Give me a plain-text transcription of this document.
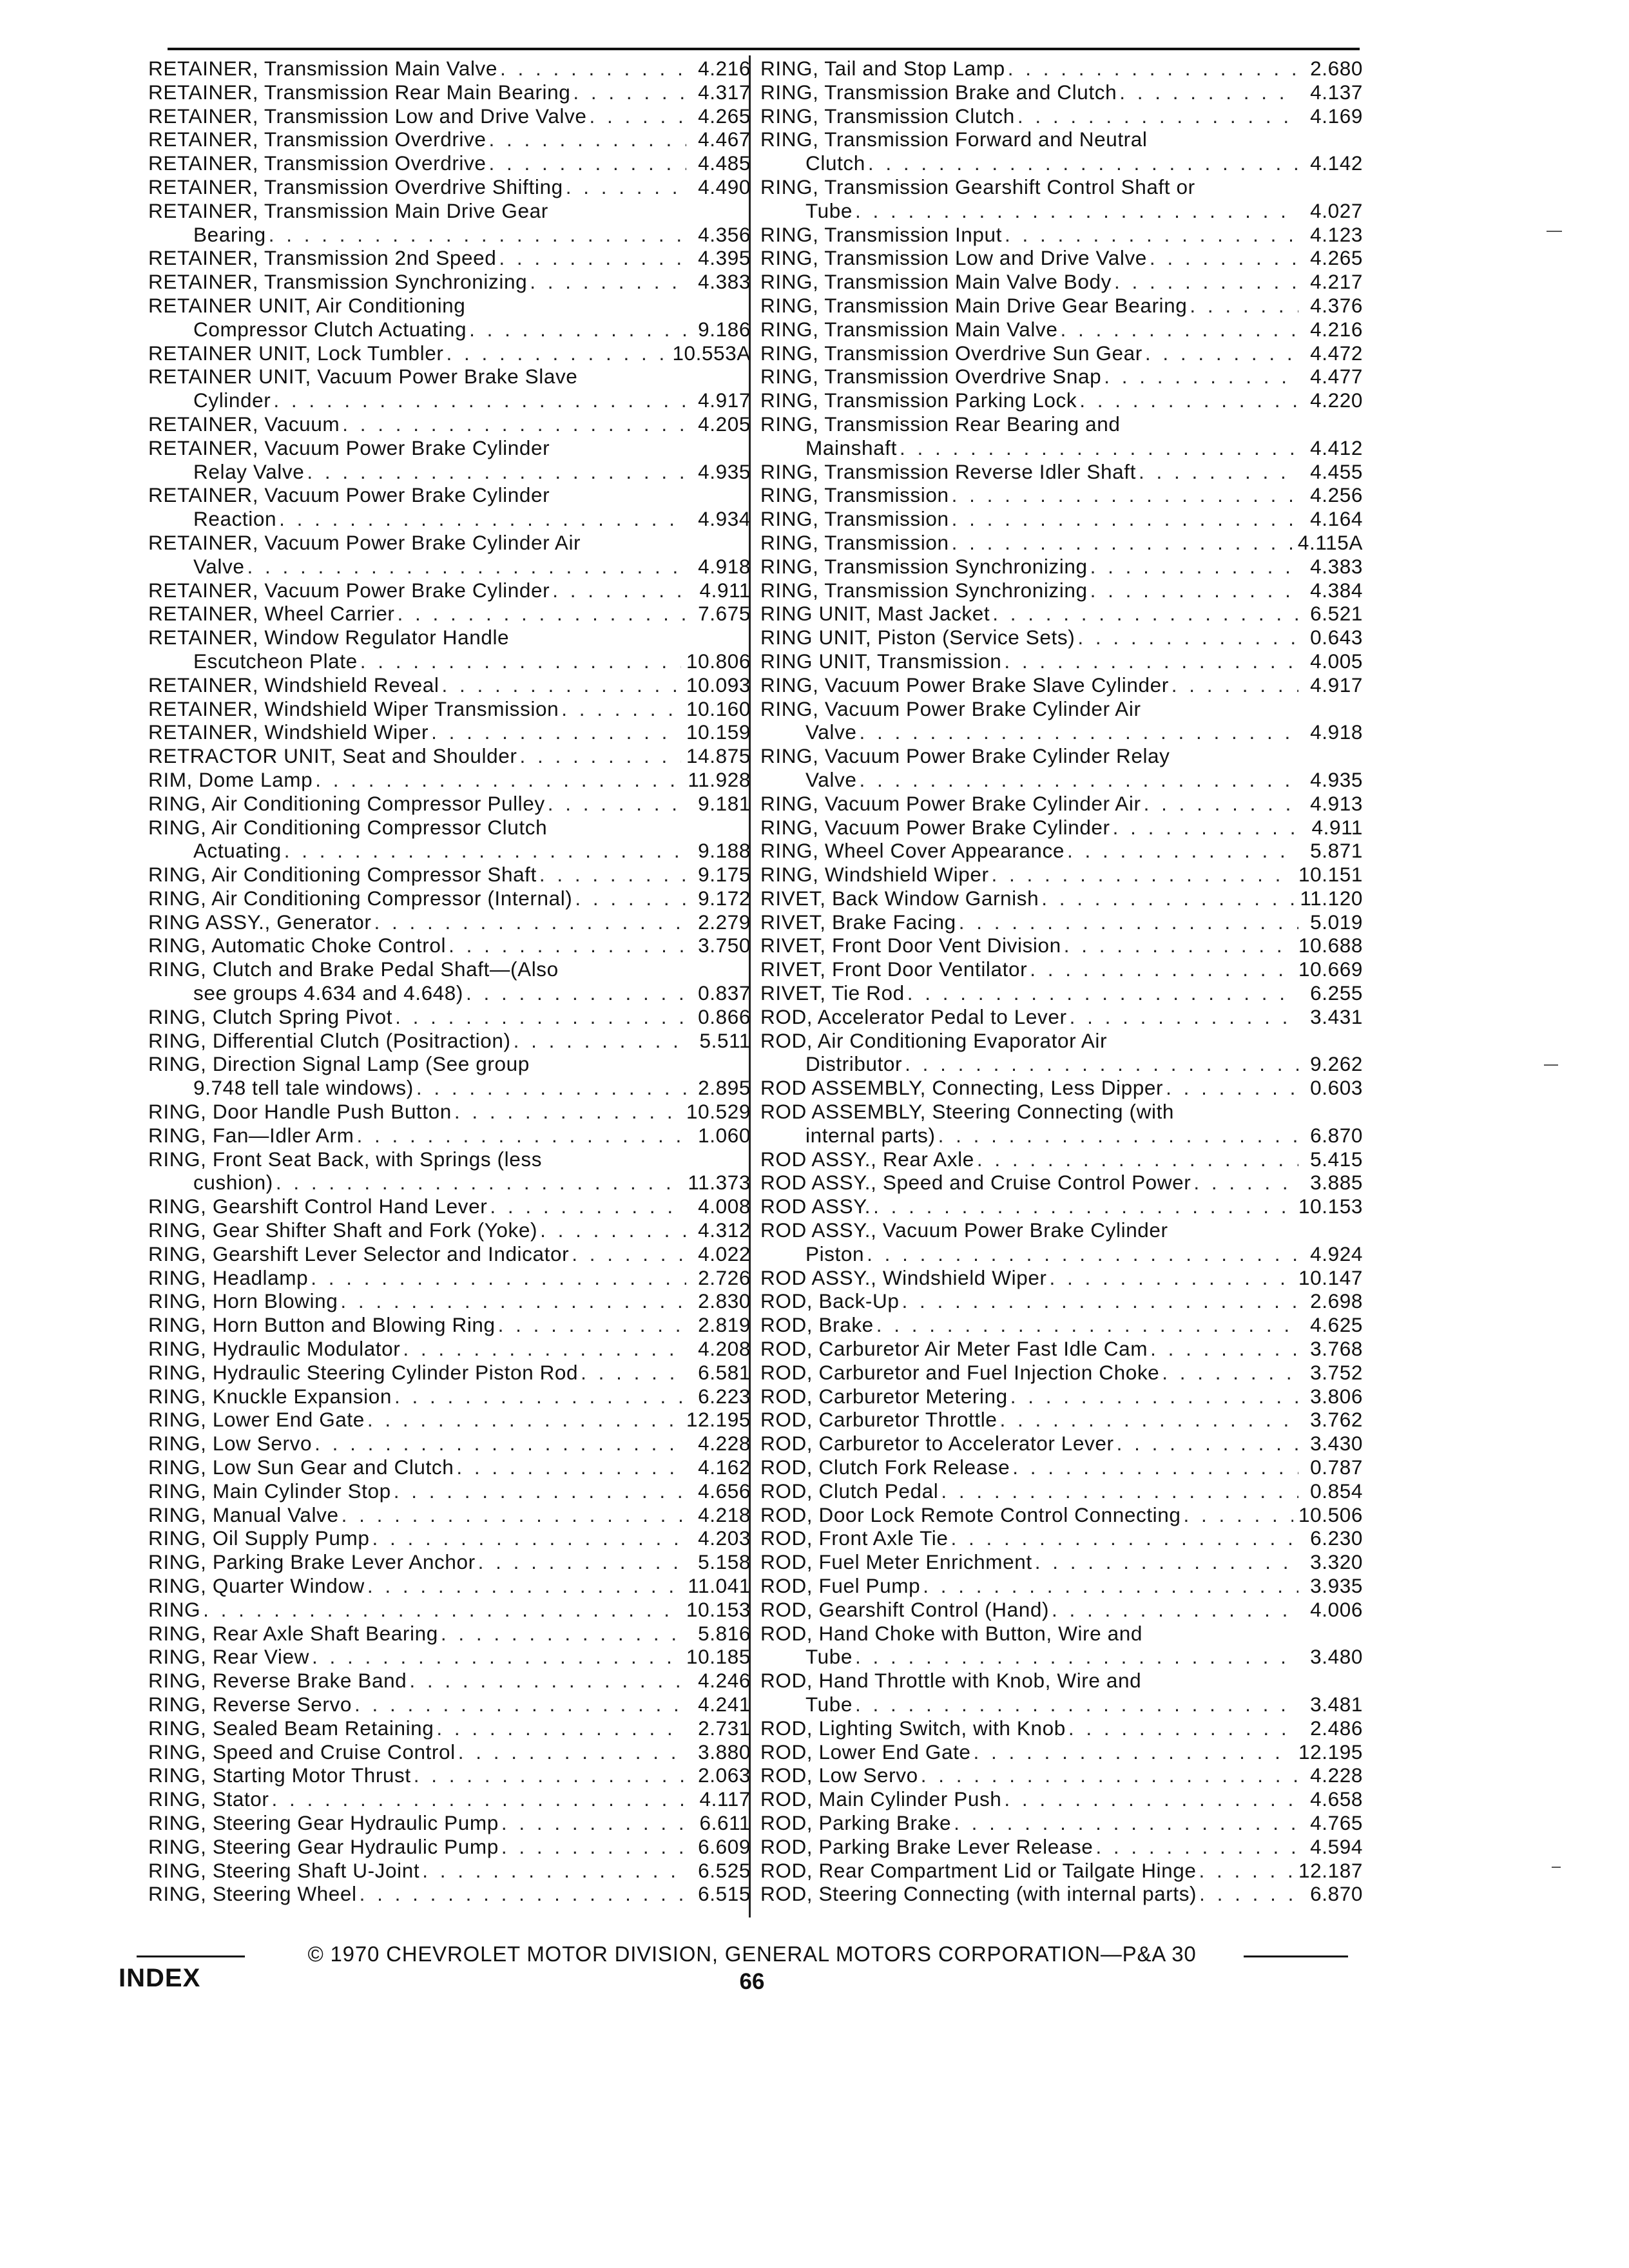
RETAINER, Transmission Main Valve . . .	4.216
RETAINER, Transmission Rear Main Bearing . . .	4.317
RETAINER, Transmission Low and Drive Valve . . .	4.265
RETAINER, Transmission Overdrive . . .	4.467
RETAINER, Transmission Overdrive . . .	4.485
RETAINER, Transmission Overdrive Shifting . . .	4.490
RETAINER, Transmission Main Drive Gear
Bearing . . .	4.356
RETAINER, Transmission 2nd Speed . . .	4.395
RETAINER, Transmission Synchronizing . . .	4.383
RETAINER UNIT, Air Conditioning
Compressor Clutch Actuating . . .	9.186
RETAINER UNIT, Lock Tumbler . . .	10.553A
RETAINER UNIT, Vacuum Power Brake Slave
Cylinder . . .	4.917
RETAINER, Vacuum . . .	4.205
RETAINER, Vacuum Power Brake Cylinder
Relay Valve . . .	4.935
RETAINER, Vacuum Power Brake Cylinder
Reaction . . .	4.934
RETAINER, Vacuum Power Brake Cylinder Air
Valve . . .	4.918
RETAINER, Vacuum Power Brake Cylinder . . .	4.911
RETAINER, Wheel Carrier . . .	7.675
RETAINER, Window Regulator Handle
Escutcheon Plate . . .	10.806
RETAINER, Windshield Reveal . . .	10.093
RETAINER, Windshield Wiper Transmission . . .	10.160
RETAINER, Windshield Wiper . . .	10.159
RETRACTOR UNIT, Seat and Shoulder . . .	14.875
RIM, Dome Lamp . . .	11.928
RING, Air Conditioning Compressor Pulley . . .	9.181
RING, Air Conditioning Compressor Clutch
Actuating . . .	9.188
RING, Air Conditioning Compressor Shaft . . .	9.175
RING, Air Conditioning Compressor (Internal) . . .	9.172
RING ASSY., Generator . . .	2.279
RING, Automatic Choke Control . . .	3.750
RING, Clutch and Brake Pedal Shaft—(Also
see groups 4.634 and 4.648) . . .	0.837
RING, Clutch Spring Pivot . . .	0.866
RING, Differential Clutch (Positraction) . . .	5.511
RING, Direction Signal Lamp (See group
9.748 tell tale windows) . . .	2.895
RING, Door Handle Push Button . . .	10.529
RING, Fan—Idler Arm . . .	1.060
RING, Front Seat Back, with Springs (less
cushion) . . .	11.373
RING, Gearshift Control Hand Lever . . .	4.008
RING, Gear Shifter Shaft and Fork (Yoke) . . .	4.312
RING, Gearshift Lever Selector and Indicator . . .	4.022
RING, Headlamp . . .	2.726
RING, Horn Blowing . . .	2.830
RING, Horn Button and Blowing Ring . . .	2.819
RING, Hydraulic Modulator . . .	4.208
RING, Hydraulic Steering Cylinder Piston Rod . . .	6.581
RING, Knuckle Expansion . . .	6.223
RING, Lower End Gate . . .	12.195
RING, Low Servo . . .	4.228
RING, Low Sun Gear and Clutch . . .	4.162
RING, Main Cylinder Stop . . .	4.656
RING, Manual Valve . . .	4.218
RING, Oil Supply Pump . . .	4.203
RING, Parking Brake Lever Anchor . . .	5.158
RING, Quarter Window . . .	11.041
RING . . .	10.153
RING, Rear Axle Shaft Bearing . . .	5.816
RING, Rear View . . .	10.185
RING, Reverse Brake Band . . .	4.246
RING, Reverse Servo . . .	4.241
RING, Sealed Beam Retaining . . .	2.731
RING, Speed and Cruise Control . . .	3.880
RING, Starting Motor Thrust . . .	2.063
RING, Stator . . .	4.117
RING, Steering Gear Hydraulic Pump . . .	6.611
RING, Steering Gear Hydraulic Pump . . .	6.609
RING, Steering Shaft U-Joint . . .	6.525
RING, Steering Wheel . . .	6.515
RING, Tail and Stop Lamp . . .	2.680
RING, Transmission Brake and Clutch . . .	4.137
RING, Transmission Clutch . . .	4.169
RING, Transmission Forward and Neutral
Clutch . . .	4.142
RING, Transmission Gearshift Control Shaft or
Tube . . .	4.027
RING, Transmission Input . . .	4.123
RING, Transmission Low and Drive Valve . . .	4.265
RING, Transmission Main Valve Body . . .	4.217
RING, Transmission Main Drive Gear Bearing . . .	4.376
RING, Transmission Main Valve . . .	4.216
RING, Transmission Overdrive Sun Gear . . .	4.472
RING, Transmission Overdrive Snap . . .	4.477
RING, Transmission Parking Lock . . .	4.220
RING, Transmission Rear Bearing and
Mainshaft . . .	4.412
RING, Transmission Reverse Idler Shaft . . .	4.455
RING, Transmission . . .	4.256
RING, Transmission . . .	4.164
RING, Transmission . . .	4.115A
RING, Transmission Synchronizing . . .	4.383
RING, Transmission Synchronizing . . .	4.384
RING UNIT, Mast Jacket . . .	6.521
RING UNIT, Piston (Service Sets) . . .	0.643
RING UNIT, Transmission . . .	4.005
RING, Vacuum Power Brake Slave Cylinder . . .	4.917
RING, Vacuum Power Brake Cylinder Air
Valve . . .	4.918
RING, Vacuum Power Brake Cylinder Relay
Valve . . .	4.935
RING, Vacuum Power Brake Cylinder Air . . .	4.913
RING, Vacuum Power Brake Cylinder . . .	4.911
RING, Wheel Cover Appearance . . .	5.871
RING, Windshield Wiper . . .	10.151
RIVET, Back Window Garnish . . .	11.120
RIVET, Brake Facing . . .	5.019
RIVET, Front Door Vent Division . . .	10.688
RIVET, Front Door Ventilator . . .	10.669
RIVET, Tie Rod . . .	6.255
ROD, Accelerator Pedal to Lever . . .	3.431
ROD, Air Conditioning Evaporator Air
Distributor . . .	9.262
ROD ASSEMBLY, Connecting, Less Dipper . . .	0.603
ROD ASSEMBLY, Steering Connecting (with
internal parts) . . .	6.870
ROD ASSY., Rear Axle . . .	5.415
ROD ASSY., Speed and Cruise Control Power . . .	3.885
ROD ASSY. . . .	10.153
ROD ASSY., Vacuum Power Brake Cylinder
Piston . . .	4.924
ROD ASSY., Windshield Wiper . . .	10.147
ROD, Back-Up . . .	2.698
ROD, Brake . . .	4.625
ROD, Carburetor Air Meter Fast Idle Cam . . .	3.768
ROD, Carburetor and Fuel Injection Choke . . .	3.752
ROD, Carburetor Metering . . .	3.806
ROD, Carburetor Throttle . . .	3.762
ROD, Carburetor to Accelerator Lever . . .	3.430
ROD, Clutch Fork Release . . .	0.787
ROD, Clutch Pedal . . .	0.854
ROD, Door Lock Remote Control Connecting . . .	10.506
ROD, Front Axle Tie . . .	6.230
ROD, Fuel Meter Enrichment . . .	3.320
ROD, Fuel Pump . . .	3.935
ROD, Gearshift Control (Hand) . . .	4.006
ROD, Hand Choke with Button, Wire and
Tube . . .	3.480
ROD, Hand Throttle with Knob, Wire and
Tube . . .	3.481
ROD, Lighting Switch, with Knob . . .	2.486
ROD, Lower End Gate . . .	12.195
ROD, Low Servo . . .	4.228
ROD, Main Cylinder Push . . .	4.658
ROD, Parking Brake . . .	4.765
ROD, Parking Brake Lever Release . . .	4.594
ROD, Rear Compartment Lid or Tailgate Hinge . . .	12.187
ROD, Steering Connecting (with internal parts) . . .	6.870
INDEX
© 1970 CHEVROLET MOTOR DIVISION, GENERAL MOTORS CORPORATION—P&A 30
66
